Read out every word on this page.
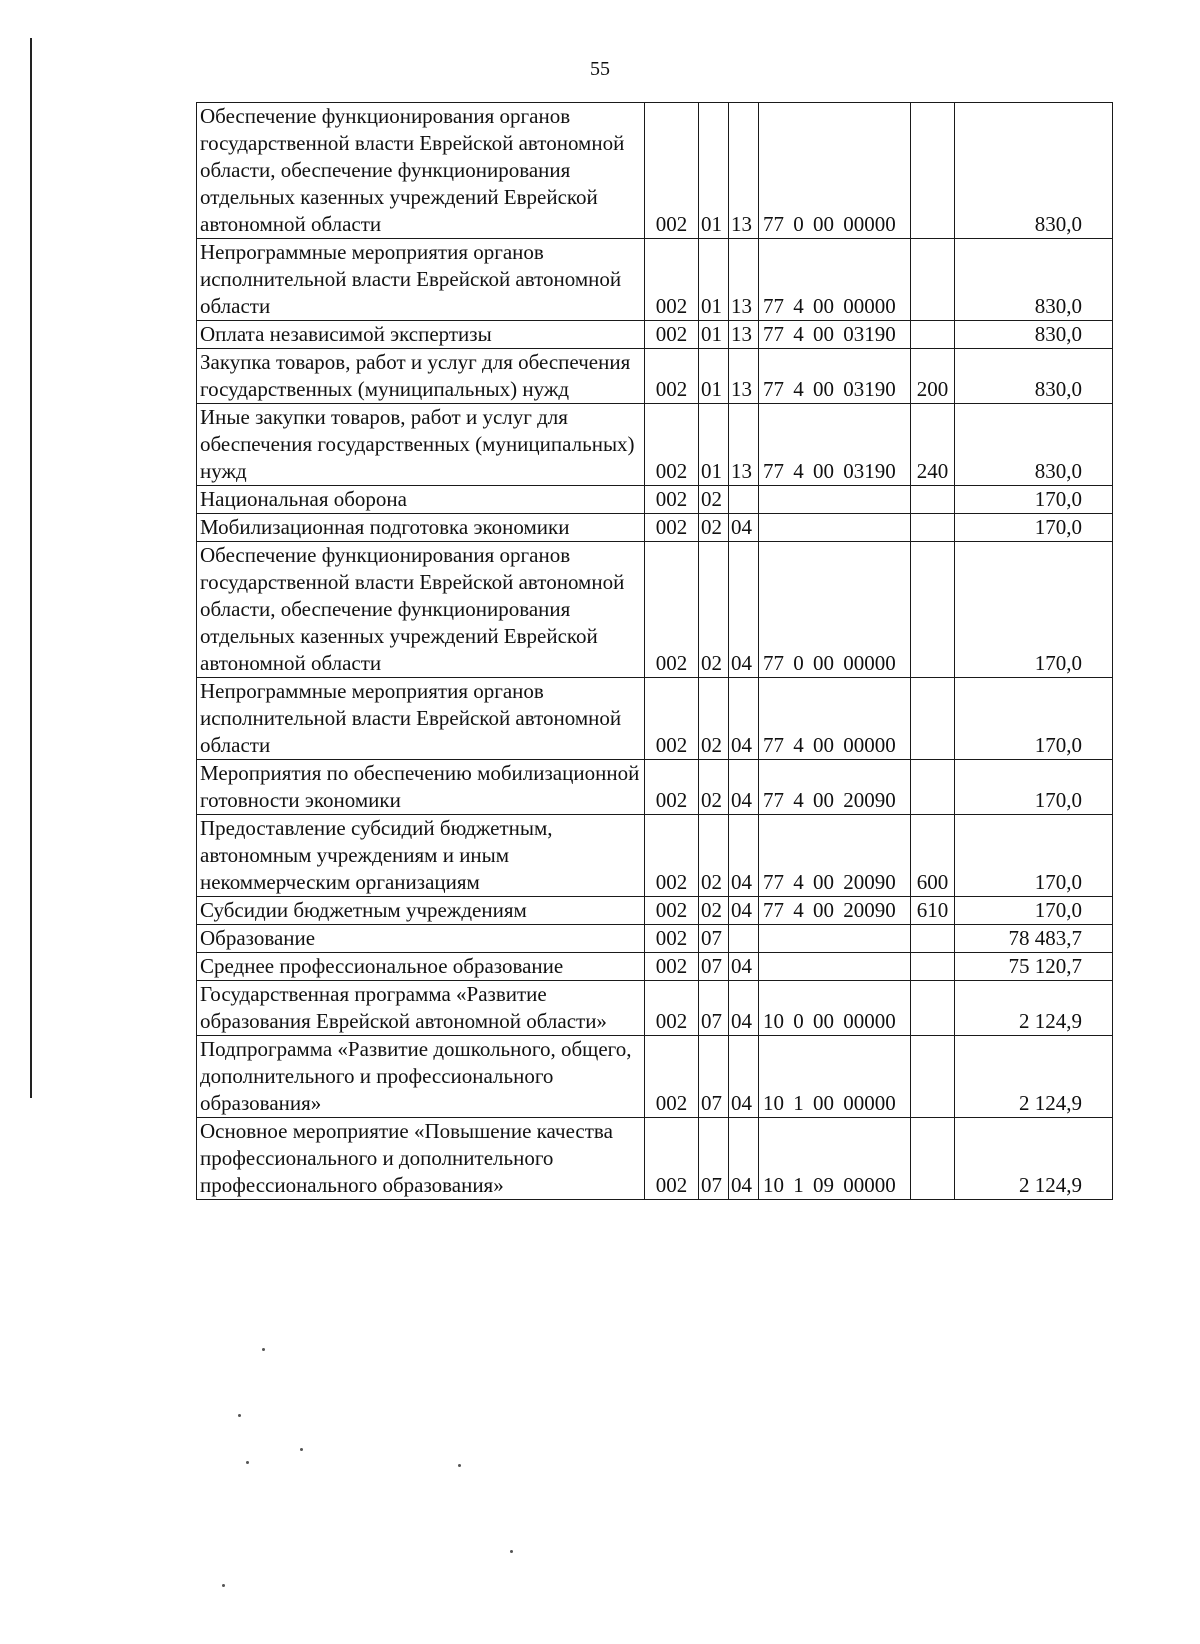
55
Обеспечение функционирования органов государственной власти Еврейской автономной области, обеспечение функционирования отдельных казенных учреждений Еврейской автономной области	002	01	13	77 0 00 00000		830,0
Непрограммные мероприятия органов исполнительной власти Еврейской автономной области	002	01	13	77 4 00 00000		830,0
Оплата независимой экспертизы	002	01	13	77 4 00 03190		830,0
Закупка товаров, работ и услуг для обеспечения государственных (муниципальных) нужд	002	01	13	77 4 00 03190	200	830,0
Иные закупки товаров, работ и услуг для обеспечения государственных (муниципальных) нужд	002	01	13	77 4 00 03190	240	830,0
Национальная оборона	002	02				170,0
Мобилизационная подготовка экономики	002	02	04			170,0
Обеспечение функционирования органов государственной власти Еврейской автономной области, обеспечение функционирования отдельных казенных учреждений Еврейской автономной области	002	02	04	77 0 00 00000		170,0
Непрограммные мероприятия органов исполнительной власти Еврейской автономной области	002	02	04	77 4 00 00000		170,0
Мероприятия по обеспечению мобилизационной готовности экономики	002	02	04	77 4 00 20090		170,0
Предоставление субсидий бюджетным, автономным учреждениям и иным некоммерческим организациям	002	02	04	77 4 00 20090	600	170,0
Субсидии бюджетным учреждениям	002	02	04	77 4 00 20090	610	170,0
Образование	002	07				78 483,7
Среднее профессиональное образование	002	07	04			75 120,7
Государственная программа «Развитие образования Еврейской автономной области»	002	07	04	10 0 00 00000		2 124,9
Подпрограмма «Развитие дошкольного, общего, дополнительного и профессионального образования»	002	07	04	10 1 00 00000		2 124,9
Основное мероприятие «Повышение качества профессионального и дополнительного профессионального образования»	002	07	04	10 1 09 00000		2 124,9
